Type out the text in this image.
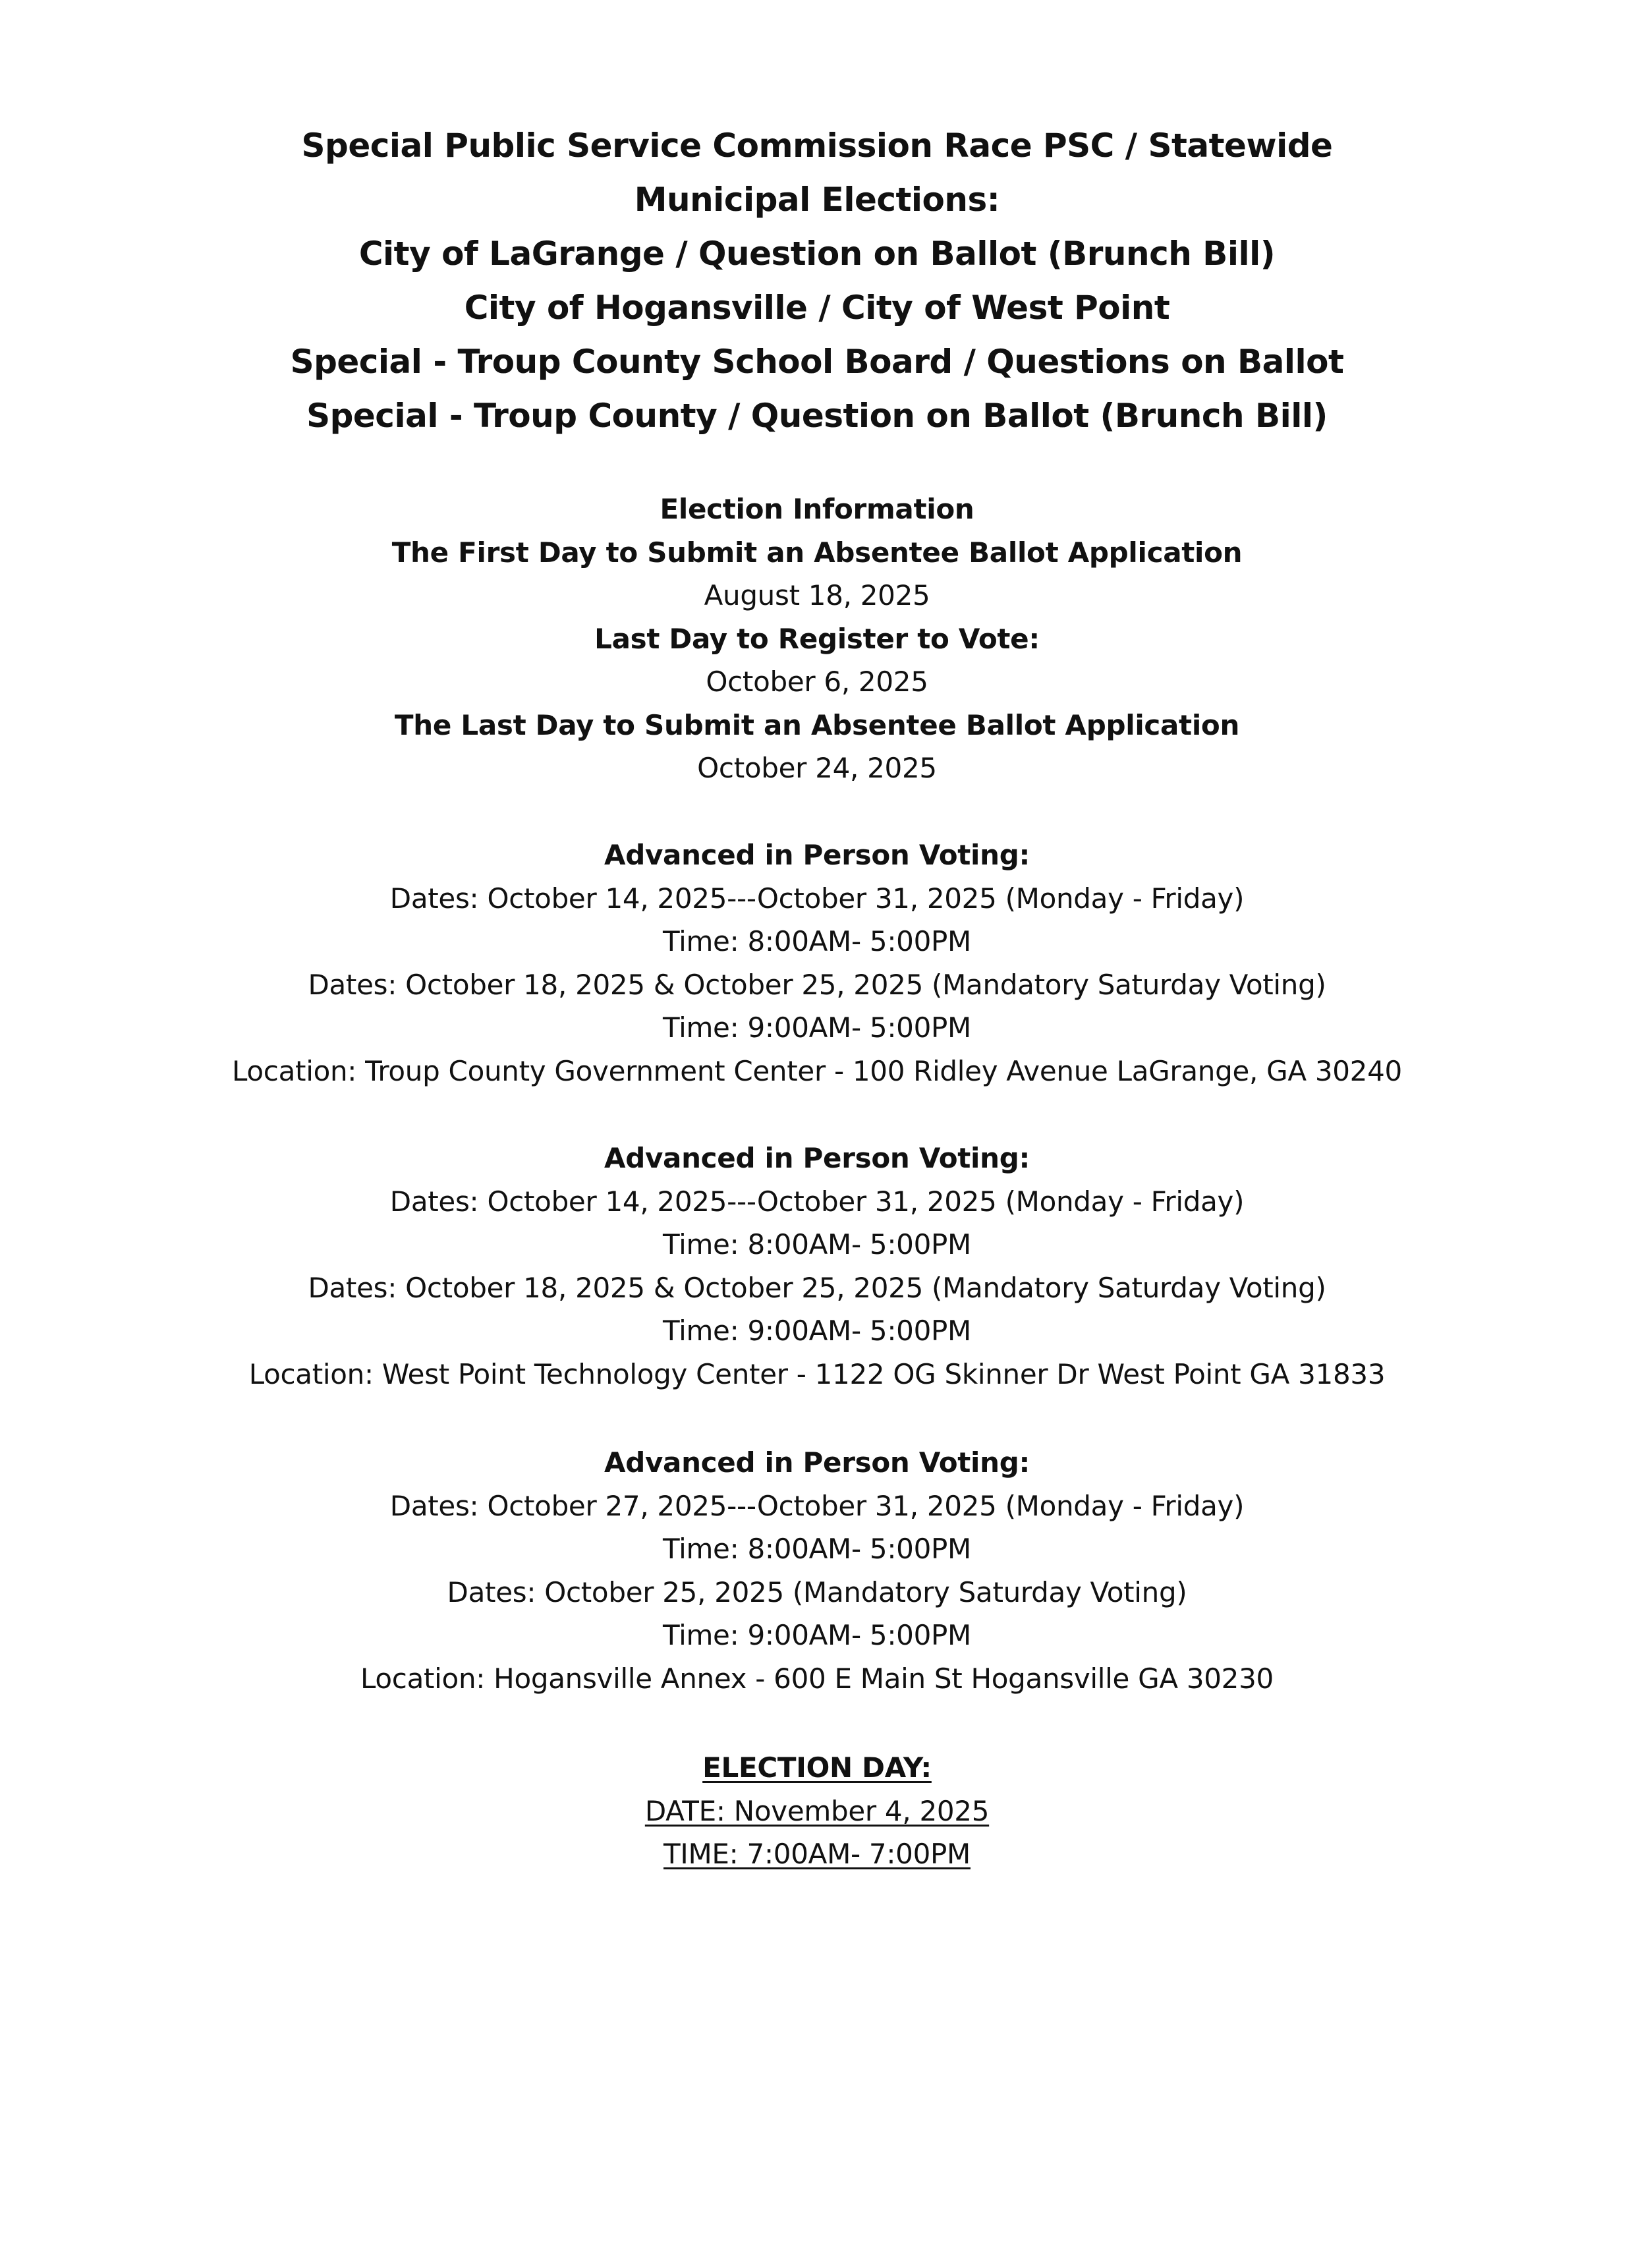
Special Public Service Commission Race PSC / Statewide
Municipal Elections:
City of LaGrange / Question on Ballot (Brunch Bill)
City of Hogansville / City of West Point
Special - Troup County School Board / Questions on Ballot
Special - Troup County / Question on Ballot (Brunch Bill)
Election Information
The First Day to Submit an Absentee Ballot Application
August 18, 2025
Last Day to Register to Vote:
October 6, 2025
The Last Day to Submit an Absentee Ballot Application
October 24, 2025
Advanced in Person Voting:
Dates: October 14, 2025---October 31, 2025 (Monday - Friday)
Time: 8:00AM- 5:00PM
Dates: October 18, 2025 & October 25, 2025 (Mandatory Saturday Voting)
Time: 9:00AM- 5:00PM
Location: Troup County Government Center - 100 Ridley Avenue LaGrange, GA 30240
Advanced in Person Voting:
Dates: October 14, 2025---October 31, 2025 (Monday - Friday)
Time: 8:00AM- 5:00PM
Dates: October 18, 2025 & October 25, 2025 (Mandatory Saturday Voting)
Time: 9:00AM- 5:00PM
Location: West Point Technology Center - 1122 OG Skinner Dr West Point GA 31833
Advanced in Person Voting:
Dates: October 27, 2025---October 31, 2025 (Monday - Friday)
Time: 8:00AM- 5:00PM
Dates: October 25, 2025 (Mandatory Saturday Voting)
Time: 9:00AM- 5:00PM
Location: Hogansville Annex - 600 E Main St Hogansville GA 30230
ELECTION DAY:
DATE: November 4, 2025
TIME: 7:00AM- 7:00PM
